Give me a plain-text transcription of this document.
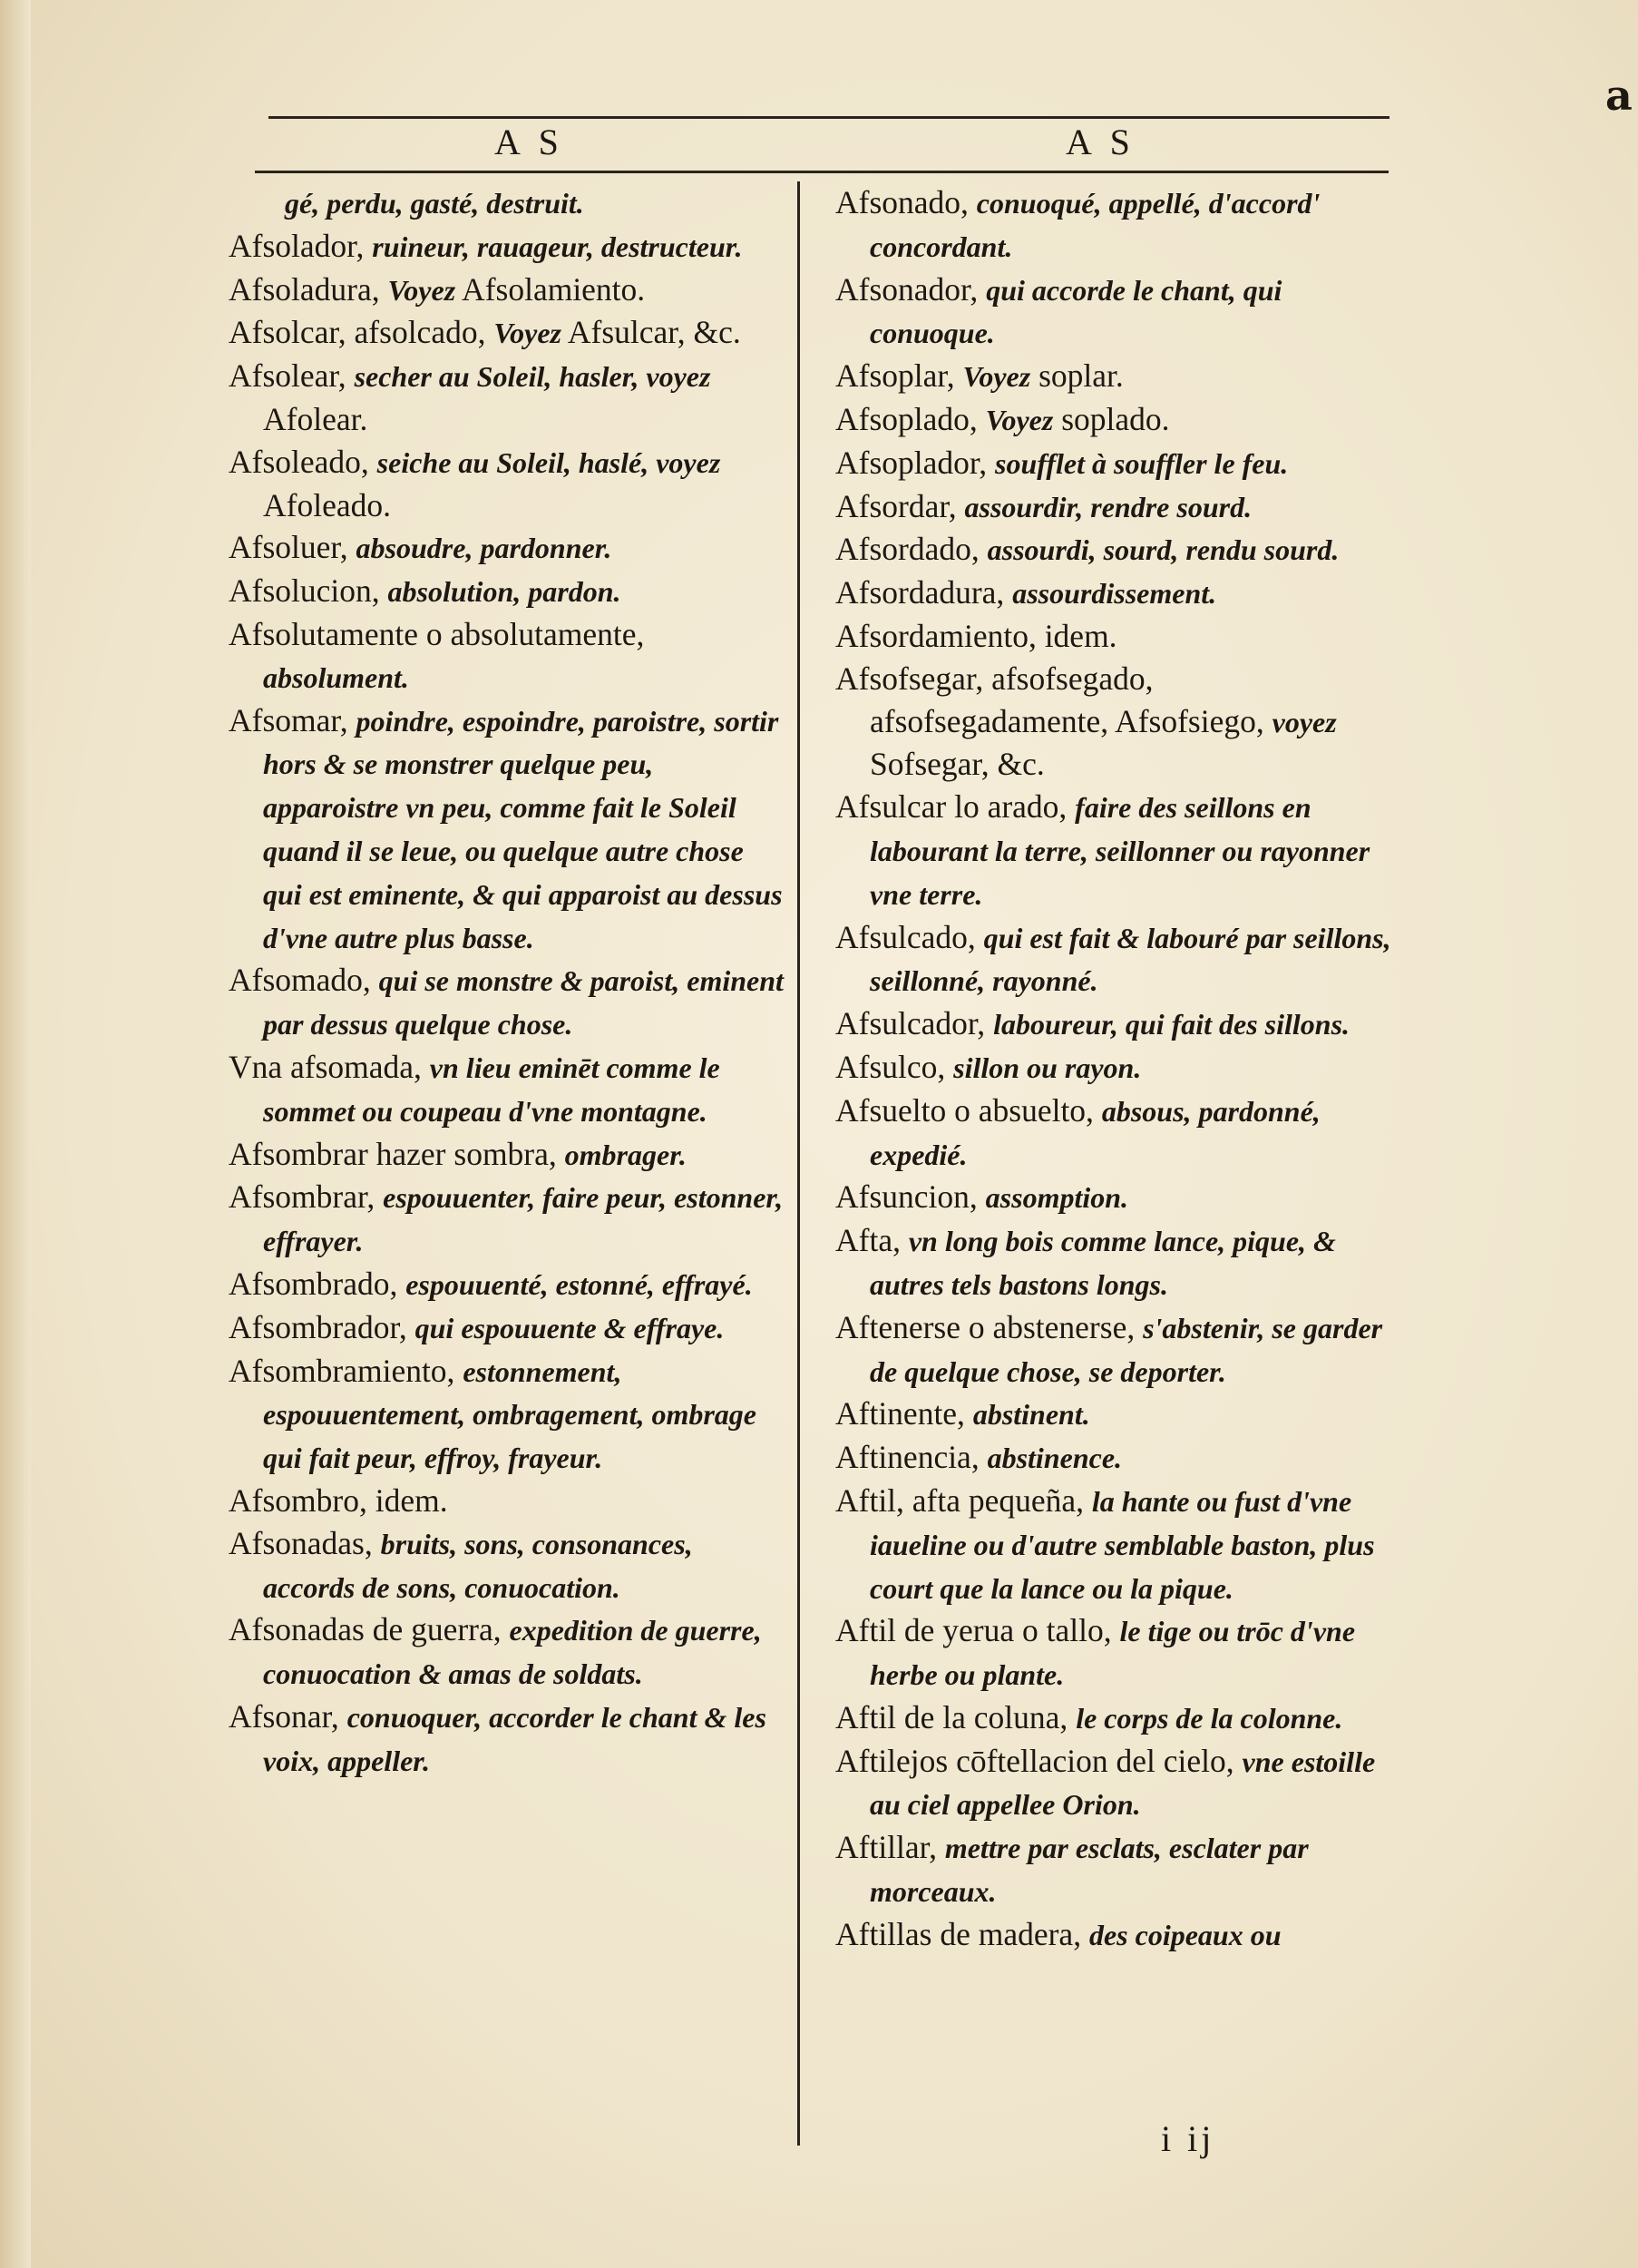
A S	A S
a

gé, perdu, gasté, destruit.

Afsolador, ruineur, rauageur, destructeur.

Afsoladura, Voyez Afsolamiento.

Afsolcar, afsolcado, Voyez Afsulcar, &c.

Afsolear, secher au Soleil, hasler, voyez Afolear.

Afsoleado, seiche au Soleil, haslé, voyez Afoleado.

Afsoluer, absoudre, pardonner.

Afsolucion, absolution, pardon.

Afsolutamente o absolutamente, absolument.

Afsomar, poindre, espoindre, paroistre, sortir hors & se monstrer quelque peu, apparoistre vn peu, comme fait le Soleil quand il se leue, ou quelque autre chose qui est eminente, & qui apparoist au dessus d'vne autre plus basse.

Afsomado, qui se monstre & paroist, eminent par dessus quelque chose.

Vna afsomada, vn lieu eminēt comme le sommet ou coupeau d'vne montagne.

Afsombrar hazer sombra, ombrager.

Afsombrar, espouuenter, faire peur, estonner, effrayer.

Afsombrado, espouuenté, estonné, effrayé.

Afsombrador, qui espouuente & effraye.

Afsombramiento, estonnement, espouuentement, ombragement, ombrage qui fait peur, effroy, frayeur.

Afsombro, idem.

Afsonadas, bruits, sons, consonances, accords de sons, conuocation.

Afsonadas de guerra, expedition de guerre, conuocation & amas de soldats.

Afsonar, conuoquer, accorder le chant & les voix, appeller.

Afsonado, conuoqué, appellé, d'accord' concordant.

Afsonador, qui accorde le chant, qui conuoque.

Afsoplar, Voyez soplar.

Afsoplado, Voyez soplado.

Afsoplador, soufflet à souffler le feu.

Afsordar, assourdir, rendre sourd.

Afsordado, assourdi, sourd, rendu sourd.

Afsordadura, assourdissement.

Afsordamiento, idem.

Afsofsegar, afsofsegado, afsofsegadamente, Afsofsiego, voyez Sofsegar, &c.

Afsulcar lo arado, faire des seillons en labourant la terre, seillonner ou rayonner vne terre.

Afsulcado, qui est fait & labouré par seillons, seillonné, rayonné.

Afsulcador, laboureur, qui fait des sillons.

Afsulco, sillon ou rayon.

Afsuelto o absuelto, absous, pardonné, expedié.

Afsuncion, assomption.

Afta, vn long bois comme lance, pique, & autres tels bastons longs.

Aftenerse o abstenerse, s'abstenir, se garder de quelque chose, se deporter.

Aftinente, abstinent.

Aftinencia, abstinence.

Aftil, afta pequeña, la hante ou fust d'vne iaueline ou d'autre semblable baston, plus court que la lance ou la pique.

Aftil de yerua o tallo, le tige ou trōc d'vne herbe ou plante.

Aftil de la coluna, le corps de la colonne.

Aftilejos cōftellacion del cielo, vne estoille au ciel appellee Orion.

Aftillar, mettre par esclats, esclater par morceaux.

Aftillas de madera, des coipeaux ou

i ij
